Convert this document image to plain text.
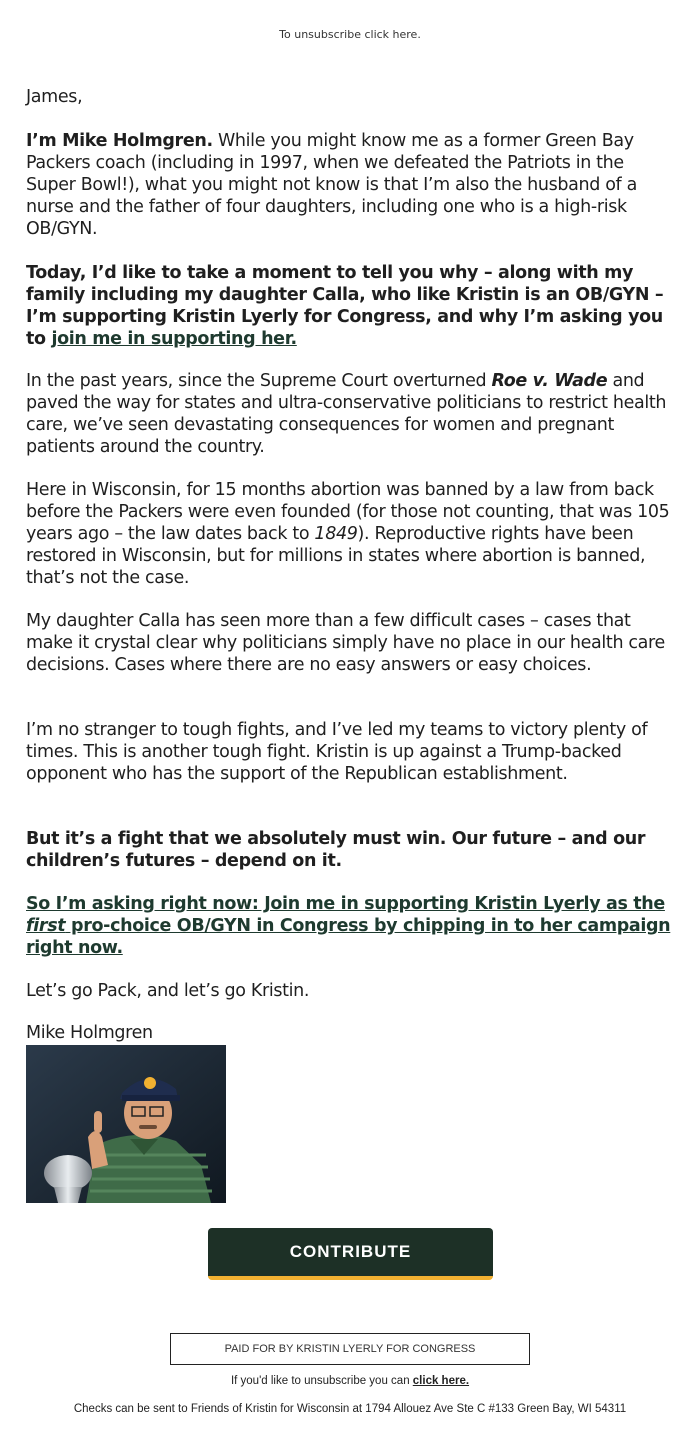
To unsubscribe click here.

James,

I’m Mike Holmgren. While you might know me as a former Green Bay Packers coach (including in 1997, when we defeated the Patriots in the Super Bowl!), what you might not know is that I’m also the husband of a nurse and the father of four daughters, including one who is a high-risk OB/GYN.

Today, I’d like to take a moment to tell you why – along with my family including my daughter Calla, who like Kristin is an OB/GYN – I’m supporting Kristin Lyerly for Congress, and why I’m asking you to join me in supporting her.

In the past years, since the Supreme Court overturned Roe v. Wade and paved the way for states and ultra-conservative politicians to restrict health care, we’ve seen devastating consequences for women and pregnant patients around the country.

Here in Wisconsin, for 15 months abortion was banned by a law from back before the Packers were even founded (for those not counting, that was 105 years ago – the law dates back to 1849). Reproductive rights have been restored in Wisconsin, but for millions in states where abortion is banned, that’s not the case.

My daughter Calla has seen more than a few difficult cases – cases that make it crystal clear why politicians simply have no place in our health care decisions. Cases where there are no easy answers or easy choices.

I’m no stranger to tough fights, and I’ve led my teams to victory plenty of times. This is another tough fight. Kristin is up against a Trump-backed opponent who has the support of the Republican establishment.

But it’s a fight that we absolutely must win. Our future – and our children’s futures – depend on it.

So I’m asking right now: Join me in supporting Kristin Lyerly as the first pro-choice OB/GYN in Congress by chipping in to her campaign right now.

Let’s go Pack, and let’s go Kristin.

Mike Holmgren
CONTRIBUTE
PAID FOR BY KRISTIN LYERLY FOR CONGRESS
If you'd like to unsubscribe you can click here.
Checks can be sent to Friends of Kristin for Wisconsin at 1794 Allouez Ave Ste C #133 Green Bay, WI 54311
